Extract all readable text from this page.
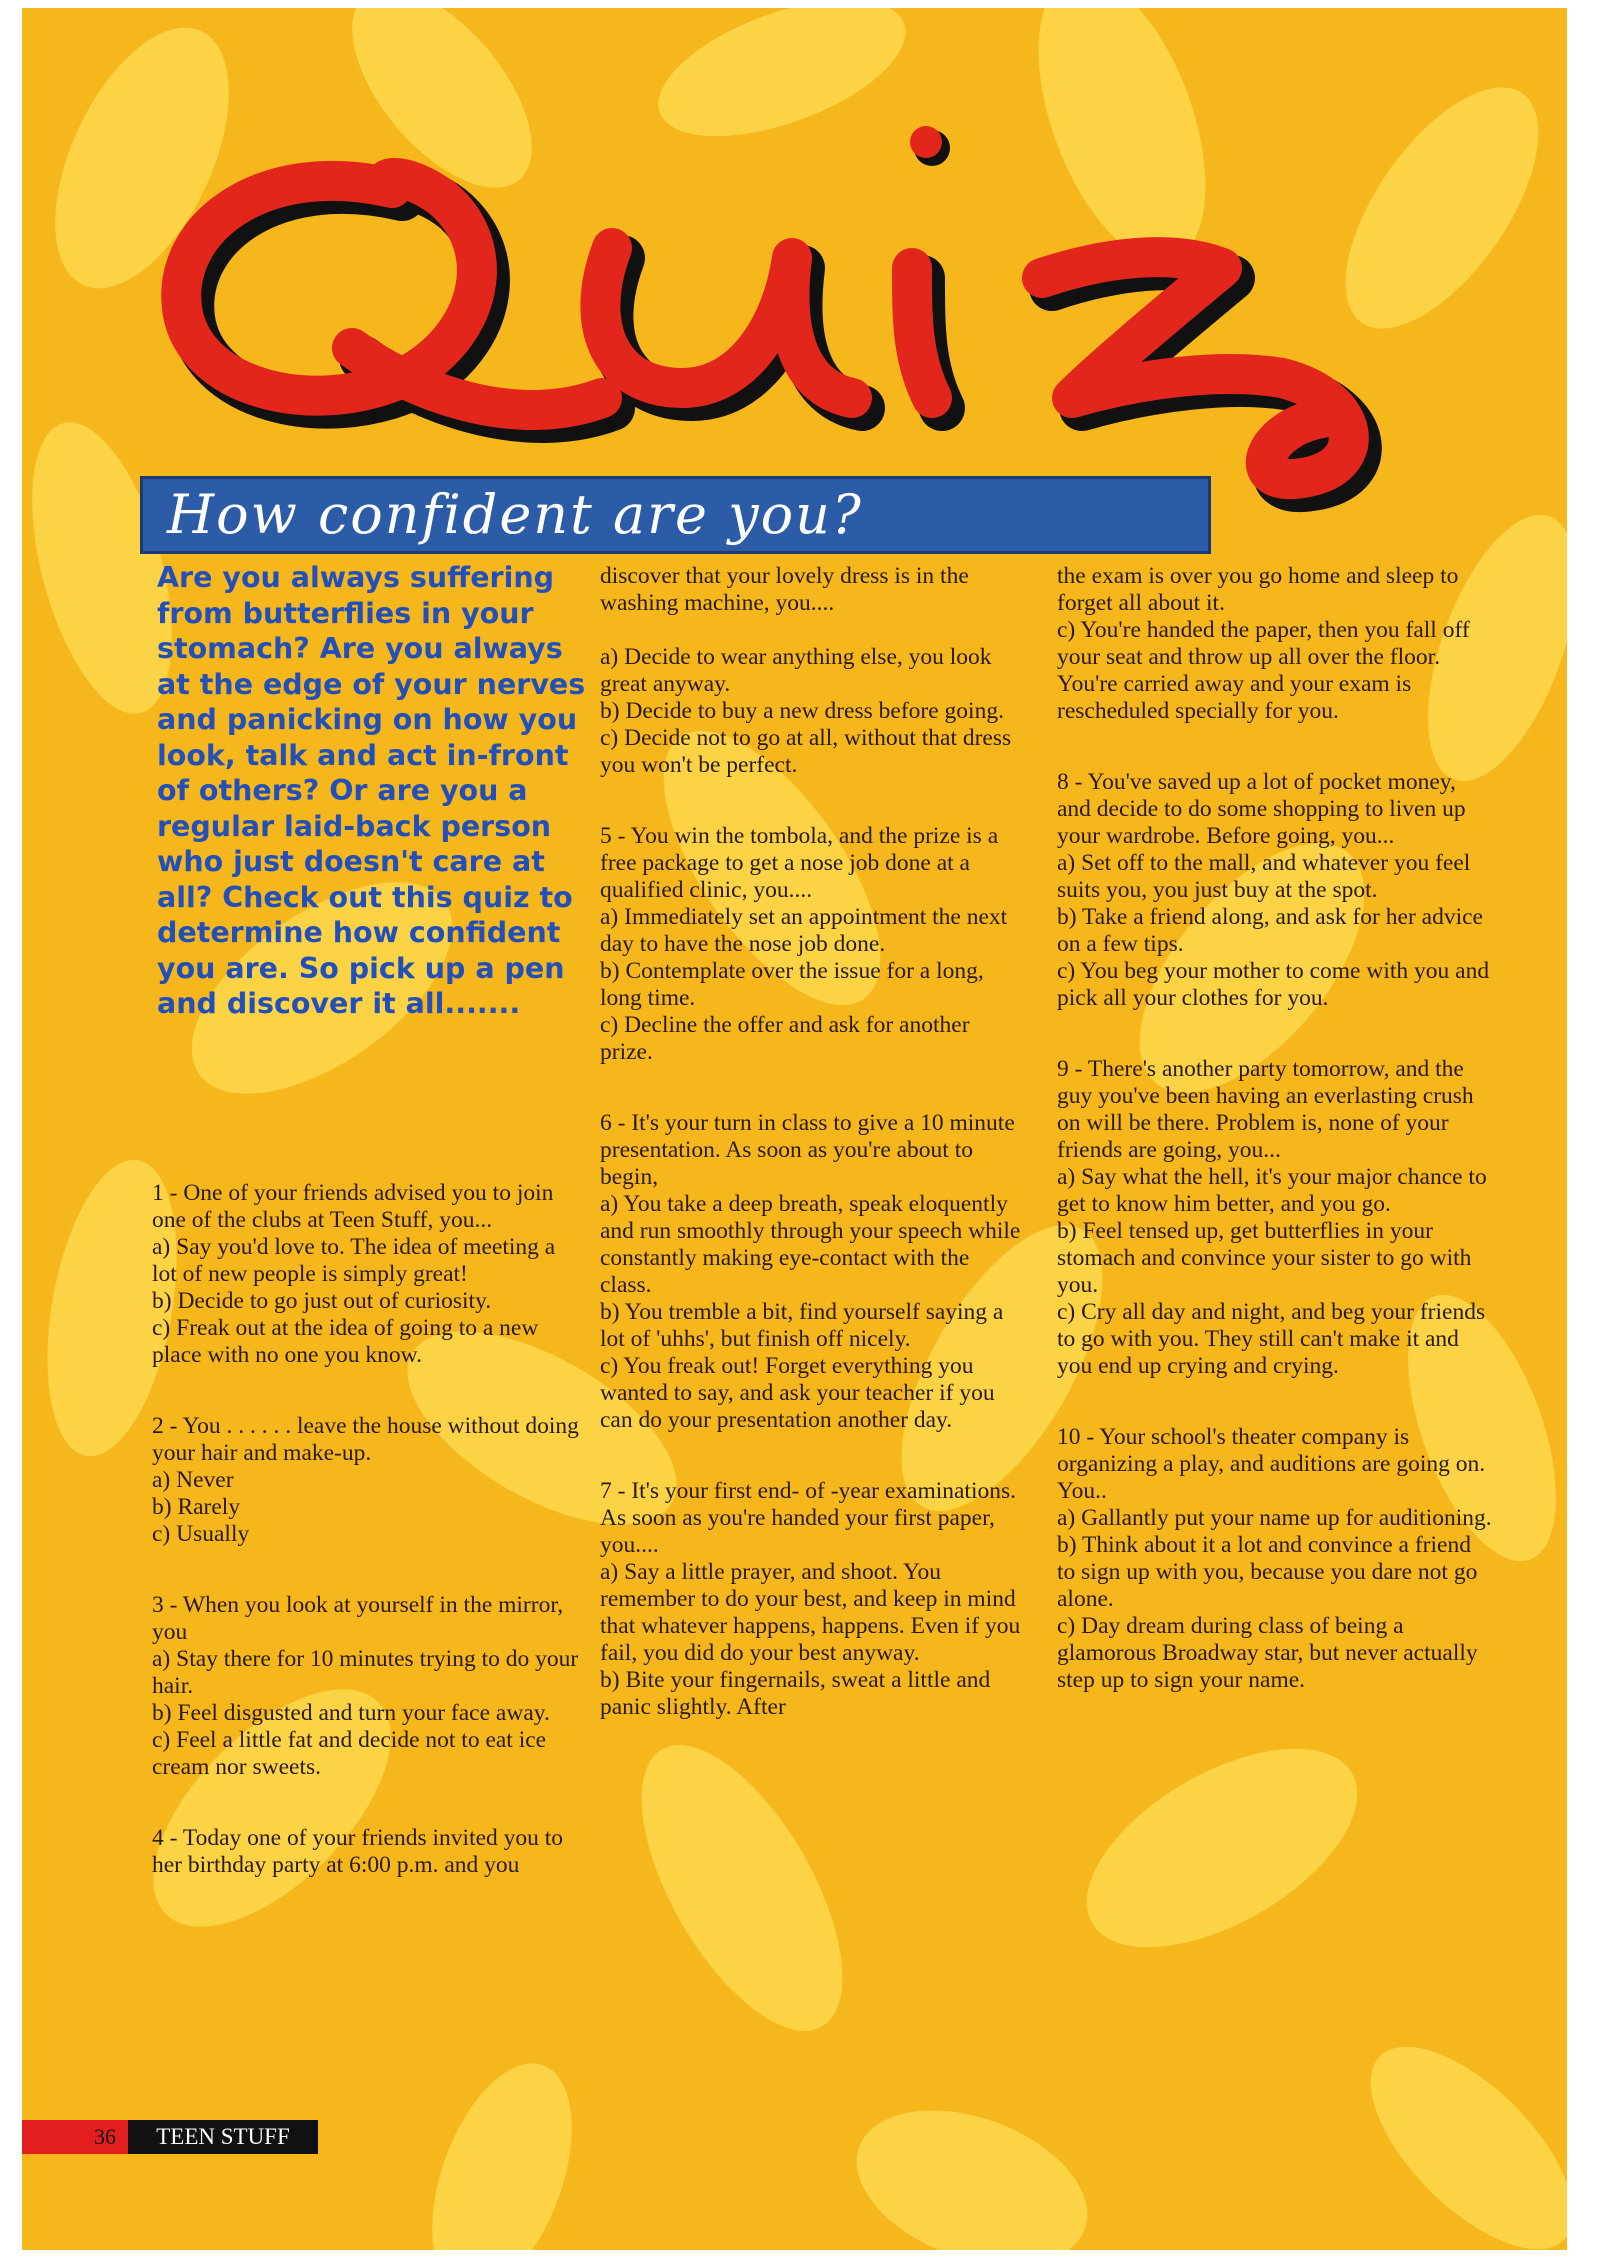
How confident are you?
Are you always suffering from butterflies in your stomach? Are you always at the edge of your nerves and panicking on how you look, talk and act in-front of others? Or are you a regular laid-back person who just doesn't care at all? Check out this quiz to determine how confident you are. So pick up a pen and discover it all.......

1 - One of your friends advised you to join one of the clubs at Teen Stuff, you...

a) Say you'd love to. The idea of meeting a lot of new people is simply great!

b) Decide to go just out of curiosity.

c) Freak out at the idea of going to a new place with no one you know.

2 - You . . . . . . leave the house without doing your hair and make-up.

a) Never

b) Rarely

c) Usually

3 - When you look at yourself in the mirror, you

a) Stay there for 10 minutes trying to do your hair.

b) Feel disgusted and turn your face away.

c) Feel a little fat and decide not to eat ice cream nor sweets.

4 - Today one of your friends invited you to her birthday party at 6:00 p.m. and you

discover that your lovely dress is in the washing machine, you....

a) Decide to wear anything else, you look great anyway.

b) Decide to buy a new dress before going.

c) Decide not to go at all, without that dress you won't be perfect.

5 - You win the tombola, and the prize is a free package to get a nose job done at a qualified clinic, you....

a) Immediately set an appointment the next day to have the nose job done.

b) Contemplate over the issue for a long, long time.

c) Decline the offer and ask for another prize.

6 - It's your turn in class to give a 10 minute presentation. As soon as you're about to begin,

a) You take a deep breath, speak eloquently and run smoothly through your speech while constantly making eye-contact with the class.

b) You tremble a bit, find yourself saying a lot of 'uhhs', but finish off nicely.

c) You freak out! Forget everything you wanted to say, and ask your teacher if you can do your presentation another day.

7 - It's your first end- of -year examinations. As soon as you're handed your first paper, you....

a) Say a little prayer, and shoot. You remember to do your best, and keep in mind that whatever happens, happens. Even if you fail, you did do your best anyway.

b) Bite your fingernails, sweat a little and panic slightly. After

the exam is over you go home and sleep to forget all about it.

c) You're handed the paper, then you fall off your seat and throw up all over the floor. You're carried away and your exam is rescheduled specially for you.

8 - You've saved up a lot of pocket money, and decide to do some shopping to liven up your wardrobe. Before going, you...

a) Set off to the mall, and whatever you feel suits you, you just buy at the spot.

b) Take a friend along, and ask for her advice on a few tips.

c) You beg your mother to come with you and pick all your clothes for you.

9 - There's another party tomorrow, and the guy you've been having an everlasting crush on will be there. Problem is, none of your friends are going, you...

a) Say what the hell, it's your major chance to get to know him better, and you go.

b) Feel tensed up, get butterflies in your stomach and convince your sister to go with you.

c) Cry all day and night, and beg your friends to go with you. They still can't make it and you end up crying and crying.

10 - Your school's theater company is organizing a play, and auditions are going on. You..

a) Gallantly put your name up for auditioning.

b) Think about it a lot and convince a friend to sign up with you, because you dare not go alone.

c) Day dream during class of being a glamorous Broadway star, but never actually step up to sign your name.

36	TEEN STUFF
